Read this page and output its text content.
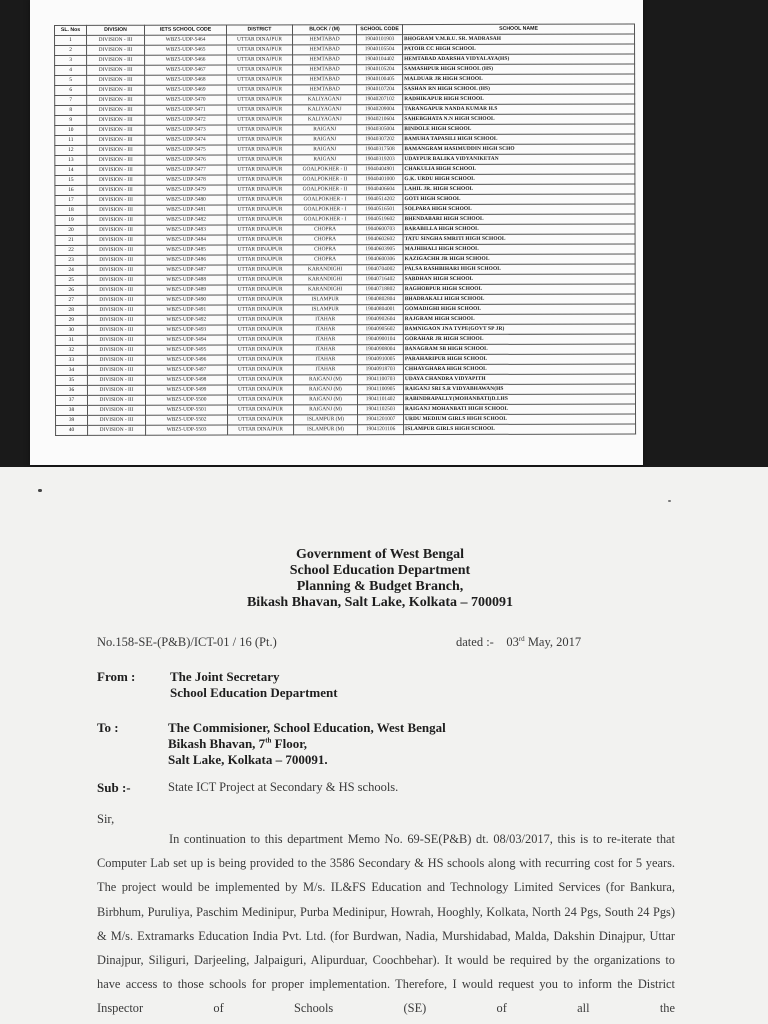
SL. Nos	DIVISION	IETS SCHOOL CODE	DISTRICT	BLOCK / (M)	SCHOOL CODE	SCHOOL NAME
1	DIVISION - III	WBZ5-UDP-5464	UTTAR DINAJPUR	HEMTABAD	19040101903	BHOGRAM V.M.B.U. SR. MADRASAH
2	DIVISION - III	WBZ5-UDP-5465	UTTAR DINAJPUR	HEMTABAD	19040105504	PATOIR CC HIGH SCHOOL
3	DIVISION - III	WBZ5-UDP-5466	UTTAR DINAJPUR	HEMTABAD	19040104402	HEMTABAD ADARSHA VIDYALAYA(HS)
4	DIVISION - III	WBZ5-UDP-5467	UTTAR DINAJPUR	HEMTABAD	19040105204	SAMASHPUR HIGH SCHOOL (HS)
5	DIVISION - III	WBZ5-UDP-5468	UTTAR DINAJPUR	HEMTABAD	19040100405	MALDUAR JR HIGH SCHOOL
6	DIVISION - III	WBZ5-UDP-5469	UTTAR DINAJPUR	HEMTABAD	19040107204	SASHAN RN HIGH SCHOOL (HS)
7	DIVISION - III	WBZ5-UDP-5470	UTTAR DINAJPUR	KALIYAGANJ	19040207102	RADHIKAPUR HIGH SCHOOL
8	DIVISION - III	WBZ5-UDP-5471	UTTAR DINAJPUR	KALIYAGANJ	19040209004	TARANGAPUR NANDA KUMAR H.S
9	DIVISION - III	WBZ5-UDP-5472	UTTAR DINAJPUR	KALIYAGANJ	19040210604	SAHEBGHATA N.N HIGH SCHOOL
10	DIVISION - III	WBZ5-UDP-5473	UTTAR DINAJPUR	RAIGANJ	19040305004	BINDOLE HIGH SCHOOL
11	DIVISION - III	WBZ5-UDP-5474	UTTAR DINAJPUR	RAIGANJ	19040307202	BAMUHA TAPASILI HIGH SCHOOL
12	DIVISION - III	WBZ5-UDP-5475	UTTAR DINAJPUR	RAIGANJ	19040317508	BAMANGRAM HASIMUDDIN HIGH SCHO
13	DIVISION - III	WBZ5-UDP-5476	UTTAR DINAJPUR	RAIGANJ	19040319203	UDAYPUR BALIKA VIDYANIKETAN
14	DIVISION - III	WBZ5-UDP-5477	UTTAR DINAJPUR	GOALPOKHER - II	19040404901	CHAKULIA HIGH SCHOOL
15	DIVISION - III	WBZ5-UDP-5478	UTTAR DINAJPUR	GOALPOKHER - II	19040401000	G.K. URDU HIGH SCHOOL
16	DIVISION - III	WBZ5-UDP-5479	UTTAR DINAJPUR	GOALPOKHER - II	19040406604	LAHIL JR. HIGH SCHOOL
17	DIVISION - III	WBZ5-UDP-5480	UTTAR DINAJPUR	GOALPOKHER - I	19040514202	GOTI HIGH SCHOOL
18	DIVISION - III	WBZ5-UDP-5481	UTTAR DINAJPUR	GOALPOKHER - I	19040516501	SOLPARA HIGH SCHOOL
19	DIVISION - III	WBZ5-UDP-5482	UTTAR DINAJPUR	GOALPOKHER - I	19040519602	BHENDABARI HIGH SCHOOL
20	DIVISION - III	WBZ5-UDP-5483	UTTAR DINAJPUR	CHOPRA	19040600703	BARABILLA HIGH SCHOOL
21	DIVISION - III	WBZ5-UDP-5484	UTTAR DINAJPUR	CHOPRA	19040602602	TATU SINGHA SMRITI HIGH SCHOOL
22	DIVISION - III	WBZ5-UDP-5485	UTTAR DINAJPUR	CHOPRA	19040603905	MAJHIHALI HIGH SCHOOL
23	DIVISION - III	WBZ5-UDP-5486	UTTAR DINAJPUR	CHOPRA	19040600306	KAZIGACHH JR HIGH SCHOOL
24	DIVISION - III	WBZ5-UDP-5487	UTTAR DINAJPUR	KARANDIGHI	19040704002	PALSA RASHBIHARI HIGH SCHOOL
25	DIVISION - III	WBZ5-UDP-5488	UTTAR DINAJPUR	KARANDIGHI	19040716402	SABDHAN HIGH SCHOOL
26	DIVISION - III	WBZ5-UDP-5489	UTTAR DINAJPUR	KARANDIGHI	19040718802	RAGHOBPUR HIGH SCHOOL
27	DIVISION - III	WBZ5-UDP-5490	UTTAR DINAJPUR	ISLAMPUR	19040802804	BHADRAKALI HIGH SCHOOL
28	DIVISION - III	WBZ5-UDP-5491	UTTAR DINAJPUR	ISLAMPUR	19040804001	GOMADIGHI HIGH SCHOOL
29	DIVISION - III	WBZ5-UDP-5492	UTTAR DINAJPUR	ITAHAR	19040902604	RAJGRAM HIGH SCHOOL
30	DIVISION - III	WBZ5-UDP-5493	UTTAR DINAJPUR	ITAHAR	19040905602	BAMNIGAON JNA TYPE(GOVT SP JR)
31	DIVISION - III	WBZ5-UDP-5494	UTTAR DINAJPUR	ITAHAR	19040900104	GORAHAR JR HIGH SCHOOL
32	DIVISION - III	WBZ5-UDP-5495	UTTAR DINAJPUR	ITAHAR	19040908004	BANAGRAM SB HIGH SCHOOL
33	DIVISION - III	WBZ5-UDP-5496	UTTAR DINAJPUR	ITAHAR	19040910005	PARAHARIPUR HIGH SCHOOL
34	DIVISION - III	WBZ5-UDP-5497	UTTAR DINAJPUR	ITAHAR	19040918703	CHHAYGHARA HIGH SCHOOL
35	DIVISION - III	WBZ5-UDP-5498	UTTAR DINAJPUR	RAIGANJ (M)	19041100703	UDAYA CHANDRA VIDYAPITH
36	DIVISION - III	WBZ5-UDP-5499	UTTAR DINAJPUR	RAIGANJ (M)	19041100905	RAIGANJ SRI S.R VIDYABHAWAN(HS
37	DIVISION - III	WBZ5-UDP-5500	UTTAR DINAJPUR	RAIGANJ (M)	19041101402	RABINDRAPALLY(MOHANBATI)D.I.HS
38	DIVISION - III	WBZ5-UDP-5501	UTTAR DINAJPUR	RAIGANJ (M)	19041102503	RAIGANJ MOHANBATI HIGH SCHOOL
39	DIVISION - III	WBZ5-UDP-5502	UTTAR DINAJPUR	ISLAMPUR (M)	19041201007	URDU MEDIUM GIRLS HIGH SCHOOL
40	DIVISION - III	WBZ5-UDP-5503	UTTAR DINAJPUR	ISLAMPUR (M)	19041201106	ISLAMPUR GIRLS HIGH SCHOOL
Government of West Bengal
School Education Department
Planning & Budget Branch,
Bikash Bhavan, Salt Lake, Kolkata – 700091
No.158-SE-(P&B)/ICT-01 / 16 (Pt.)	dated :- 03rd May, 2017
From :	The Joint Secretary
School Education Department
To :	The Commisioner, School Education, West Bengal
Bikash Bhavan, 7th Floor,
Salt Lake, Kolkata – 700091.
Sub :-	State ICT Project at Secondary & HS schools.
Sir,

In continuation to this department Memo No. 69-SE(P&B) dt. 08/03/2017, this is to re-iterate that Computer Lab set up is being provided to the 3586 Secondary & HS schools along with recurring cost for 5 years. The project would be implemented by M/s. IL&FS Education and Technology Limited Services (for Bankura, Birbhum, Puruliya, Paschim Medinipur, Purba Medinipur, Howrah, Hooghly, Kolkata, North 24 Pgs, South 24 Pgs) & M/s. Extramarks Education India Pvt. Ltd. (for Burdwan, Nadia, Murshidabad, Malda, Dakshin Dinajpur, Uttar Dinajpur, Siliguri, Darjeeling, Jalpaiguri, Alipurduar, Coochbehar). It would be required by the organizations to have access to those schools for proper implementation. Therefore, I would request you to inform the District Inspector of Schools (SE) of all the
